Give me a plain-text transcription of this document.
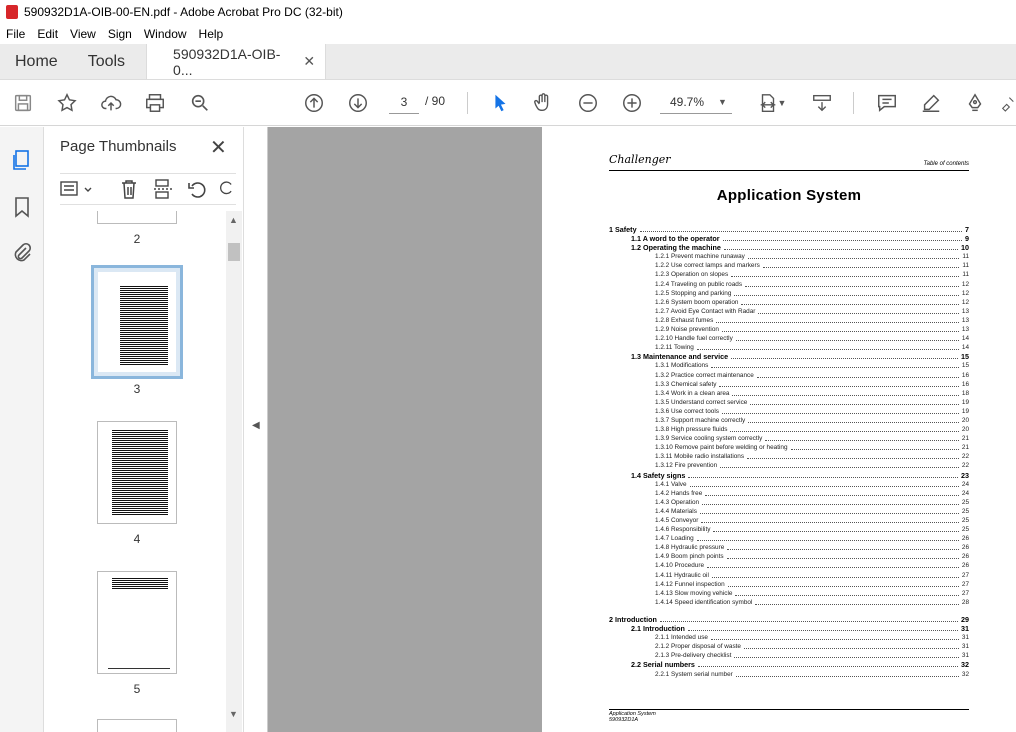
590932D1A-OIB-00-EN.pdf - Adobe Acrobat Pro DC (32-bit)
File	Edit	View	Sign	Window	Help
Home	Tools	590932D1A-OIB-0...
✕
3	/ 90	49.7% ▼	▼
Page Thumbnails ✕
2
3
4
5
▲
▼
◀
Challenger	Table of contents
Application System
1 Safety	7
1.1 A word to the operator	9
1.2 Operating the machine	10
1.2.1 Prevent machine runaway	11
1.2.2 Use correct lamps and markers	11
1.2.3 Operation on slopes	11
1.2.4 Traveling on public roads	12
1.2.5 Stopping and parking	12
1.2.6 System boom operation	12
1.2.7 Avoid Eye Contact with Radar	13
1.2.8 Exhaust fumes	13
1.2.9 Noise prevention	13
1.2.10 Handle fuel correctly	14
1.2.11 Towing	14
1.3 Maintenance and service	15
1.3.1 Modifications	15
1.3.2 Practice correct maintenance	16
1.3.3 Chemical safety	16
1.3.4 Work in a clean area	18
1.3.5 Understand correct service	19
1.3.6 Use correct tools	19
1.3.7 Support machine correctly	20
1.3.8 High pressure fluids	20
1.3.9 Service cooling system correctly	21
1.3.10 Remove paint before welding or heating	21
1.3.11 Mobile radio installations	22
1.3.12 Fire prevention	22
1.4 Safety signs	23
1.4.1 Valve	24
1.4.2 Hands free	24
1.4.3 Operation	25
1.4.4 Materials	25
1.4.5 Conveyor	25
1.4.6 Responsibility	25
1.4.7 Loading	26
1.4.8 Hydraulic pressure	26
1.4.9 Boom pinch points	26
1.4.10 Procedure	26
1.4.11 Hydraulic oil	27
1.4.12 Funnel inspection	27
1.4.13 Slow moving vehicle	27
1.4.14 Speed identification symbol	28
2 Introduction	29
2.1 Introduction	31
2.1.1 Intended use	31
2.1.2 Proper disposal of waste	31
2.1.3 Pre-delivery checklist	31
2.2 Serial numbers	32
2.2.1 System serial number	32
Application System
590932D1A
